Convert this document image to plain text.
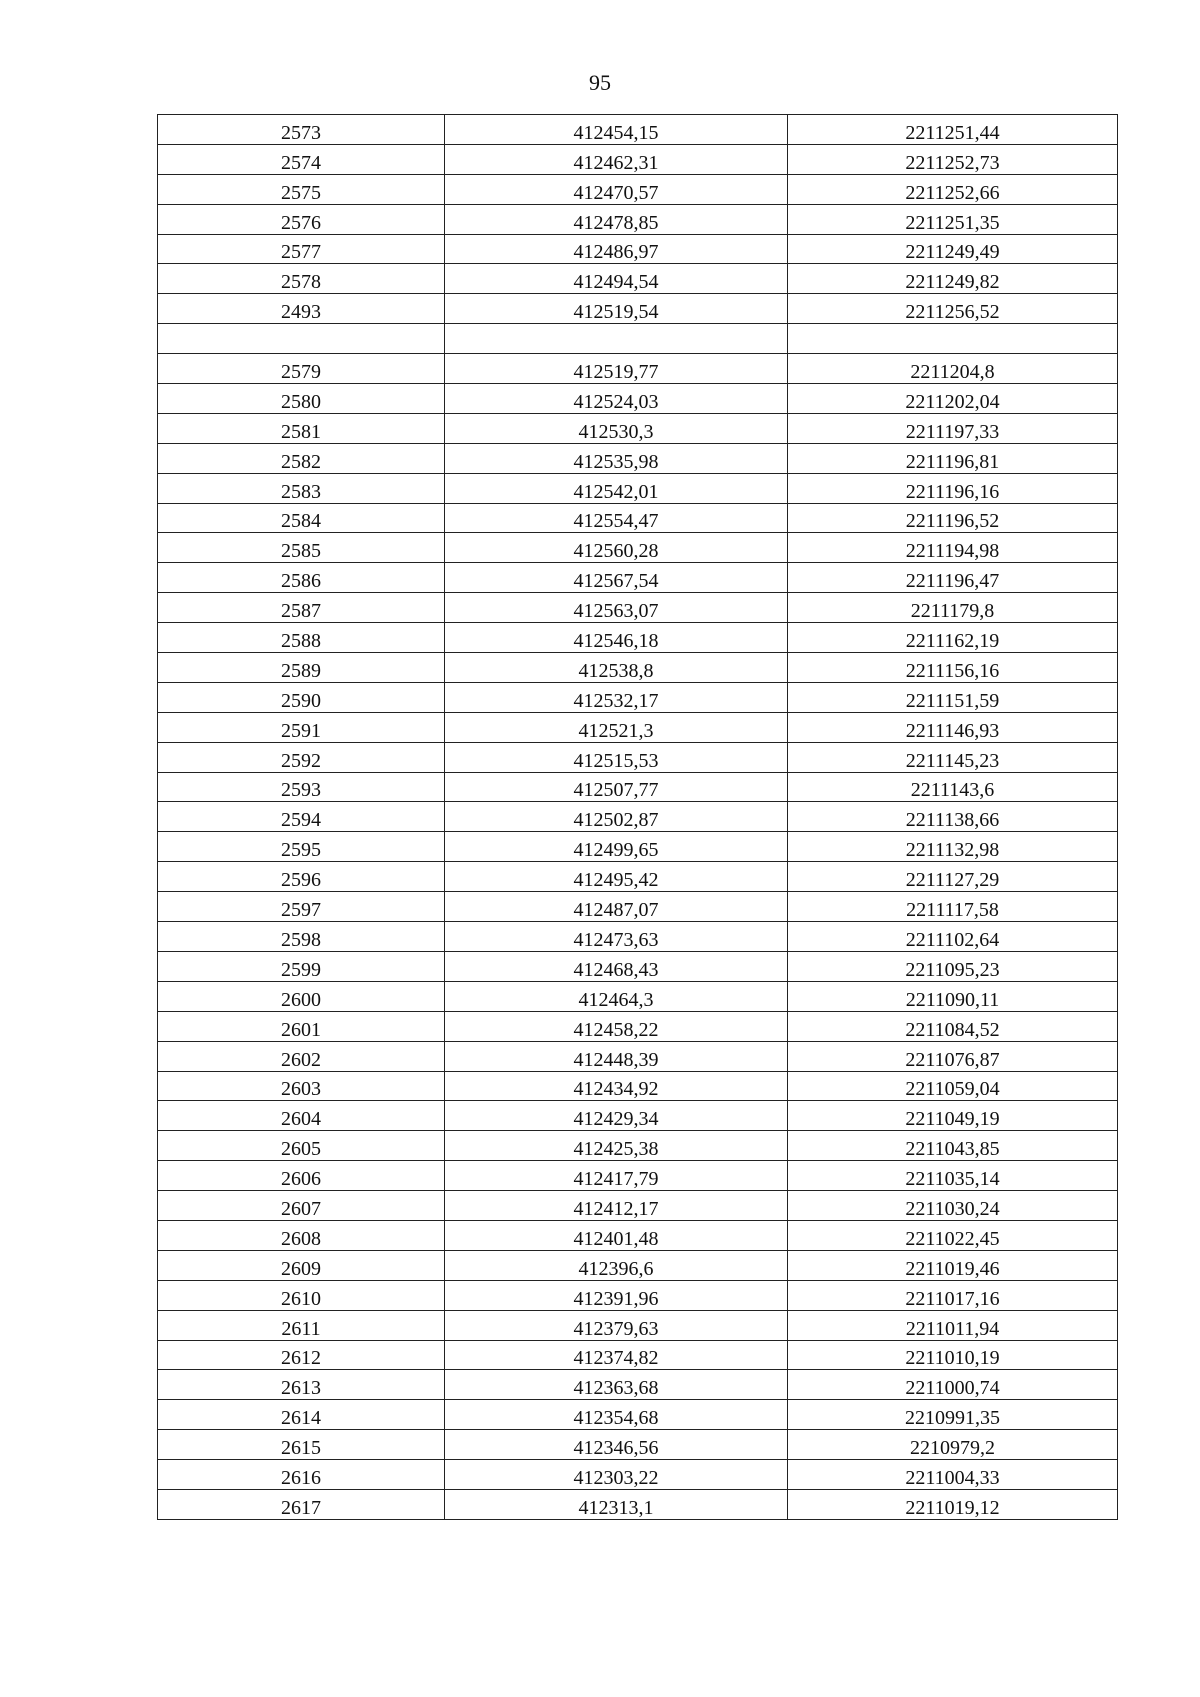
95
2573	412454,15	2211251,44
2574	412462,31	2211252,73
2575	412470,57	2211252,66
2576	412478,85	2211251,35
2577	412486,97	2211249,49
2578	412494,54	2211249,82
2493	412519,54	2211256,52

2579	412519,77	2211204,8
2580	412524,03	2211202,04
2581	412530,3	2211197,33
2582	412535,98	2211196,81
2583	412542,01	2211196,16
2584	412554,47	2211196,52
2585	412560,28	2211194,98
2586	412567,54	2211196,47
2587	412563,07	2211179,8
2588	412546,18	2211162,19
2589	412538,8	2211156,16
2590	412532,17	2211151,59
2591	412521,3	2211146,93
2592	412515,53	2211145,23
2593	412507,77	2211143,6
2594	412502,87	2211138,66
2595	412499,65	2211132,98
2596	412495,42	2211127,29
2597	412487,07	2211117,58
2598	412473,63	2211102,64
2599	412468,43	2211095,23
2600	412464,3	2211090,11
2601	412458,22	2211084,52
2602	412448,39	2211076,87
2603	412434,92	2211059,04
2604	412429,34	2211049,19
2605	412425,38	2211043,85
2606	412417,79	2211035,14
2607	412412,17	2211030,24
2608	412401,48	2211022,45
2609	412396,6	2211019,46
2610	412391,96	2211017,16
2611	412379,63	2211011,94
2612	412374,82	2211010,19
2613	412363,68	2211000,74
2614	412354,68	2210991,35
2615	412346,56	2210979,2
2616	412303,22	2211004,33
2617	412313,1	2211019,12
